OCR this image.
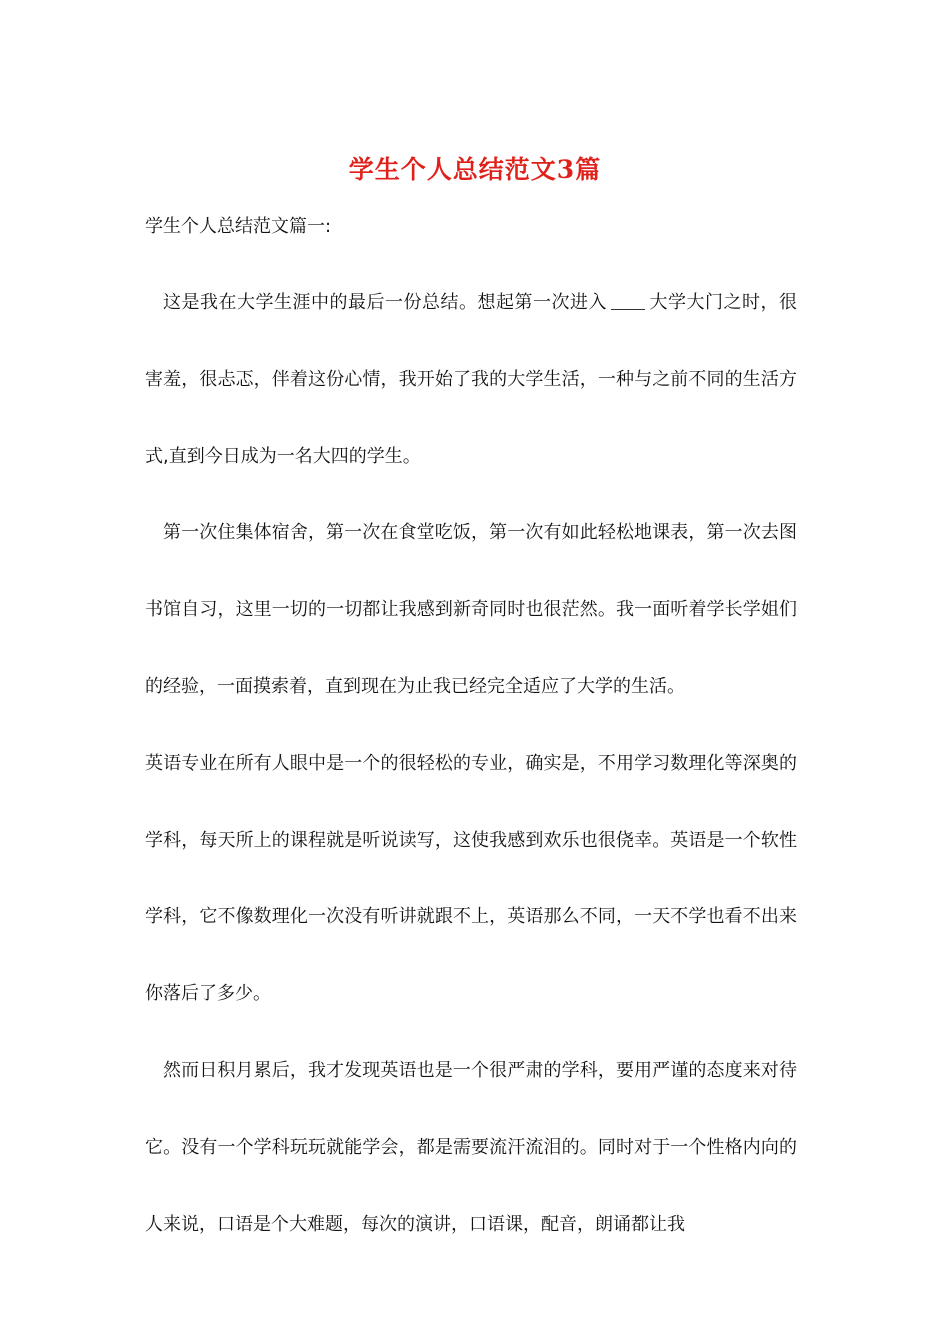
学生个人总结范文3篇
学生个人总结范文篇一:

这是我在大学生涯中的最后一份总结。想起第一次进入 大学大门之时，很害羞，很忐忑，伴着这份心情，我开始了我的大学生活，一种与之前不同的生活方式,直到今日成为一名大四的学生。

第一次住集体宿舍，第一次在食堂吃饭，第一次有如此轻松地课表，第一次去图书馆自习，这里一切的一切都让我感到新奇同时也很茫然。我一面听着学长学姐们的经验，一面摸索着，直到现在为止我已经完全适应了大学的生活。

英语专业在所有人眼中是一个的很轻松的专业，确实是，不用学习数理化等深奥的学科，每天所上的课程就是听说读写，这使我感到欢乐也很侥幸。英语是一个软性学科，它不像数理化一次没有听讲就跟不上，英语那么不同，一天不学也看不出来你落后了多少。

然而日积月累后，我才发现英语也是一个很严肃的学科，要用严谨的态度来对待它。没有一个学科玩玩就能学会，都是需要流汗流泪的。同时对于一个性格内向的人来说，口语是个大难题，每次的演讲，口语课，配音，朗诵都让我
